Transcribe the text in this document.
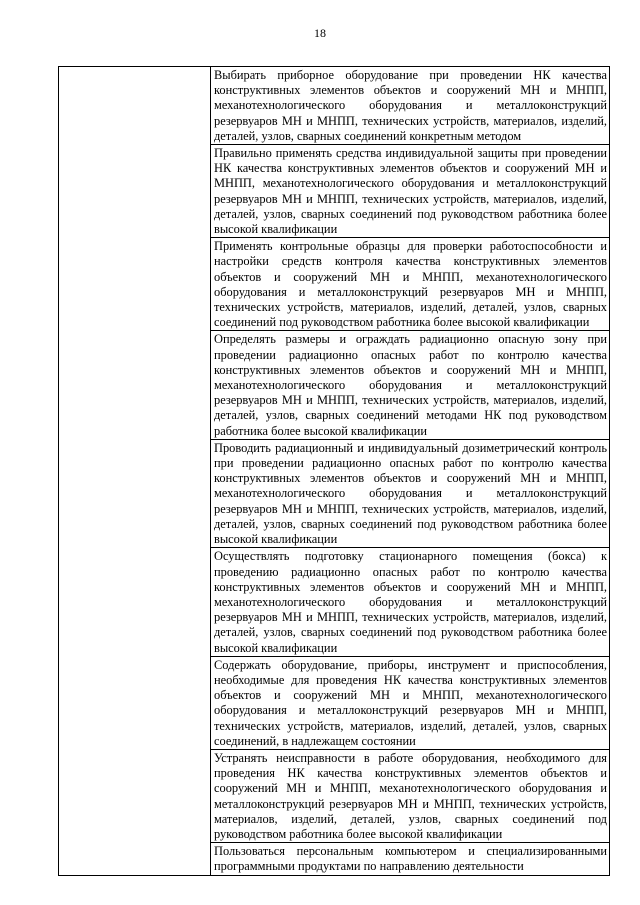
18

Выбирать приборное оборудование при проведении НК качества конструктивных элементов объектов и сооружений МН и МНПП, механотехнологического оборудования и металлоконструкций резервуаров МН и МНПП, технических устройств, материалов, изделий, деталей, узлов, сварных соединений конкретным методом

Правильно применять средства индивидуальной защиты при проведении НК качества конструктивных элементов объектов и сооружений МН и МНПП, механотехнологического оборудования и металлоконструкций резервуаров МН и МНПП, технических устройств, материалов, изделий, деталей, узлов, сварных соединений под руководством работника более высокой квалификации

Применять контрольные образцы для проверки работоспособности и настройки средств контроля качества конструктивных элементов объектов и сооружений МН и МНПП, механотехнологического оборудования и металлоконструкций резервуаров МН и МНПП, технических устройств, материалов, изделий, деталей, узлов, сварных соединений под руководством работника более высокой квалификации

Определять размеры и ограждать радиационно опасную зону при проведении радиационно опасных работ по контролю качества конструктивных элементов объектов и сооружений МН и МНПП, механотехнологического оборудования и металлоконструкций резервуаров МН и МНПП, технических устройств, материалов, изделий, деталей, узлов, сварных соединений методами НК под руководством работника более высокой квалификации

Проводить радиационный и индивидуальный дозиметрический контроль при проведении радиационно опасных работ по контролю качества конструктивных элементов объектов и сооружений МН и МНПП, механотехнологического оборудования и металлоконструкций резервуаров МН и МНПП, технических устройств, материалов, изделий, деталей, узлов, сварных соединений под руководством работника более высокой квалификации

Осуществлять подготовку стационарного помещения (бокса) к проведению радиационно опасных работ по контролю качества конструктивных элементов объектов и сооружений МН и МНПП, механотехнологического оборудования и металлоконструкций резервуаров МН и МНПП, технических устройств, материалов, изделий, деталей, узлов, сварных соединений под руководством работника более высокой квалификации

Содержать оборудование, приборы, инструмент и приспособления, необходимые для проведения НК качества конструктивных элементов объектов и сооружений МН и МНПП, механотехнологического оборудования и металлоконструкций резервуаров МН и МНПП, технических устройств, материалов, изделий, деталей, узлов, сварных соединений, в надлежащем состоянии

Устранять неисправности в работе оборудования, необходимого для проведения НК качества конструктивных элементов объектов и сооружений МН и МНПП, механотехнологического оборудования и металлоконструкций резервуаров МН и МНПП, технических устройств, материалов, изделий, деталей, узлов, сварных соединений под руководством работника более высокой квалификации

Пользоваться персональным компьютером и специализированными программными продуктами по направлению деятельности
